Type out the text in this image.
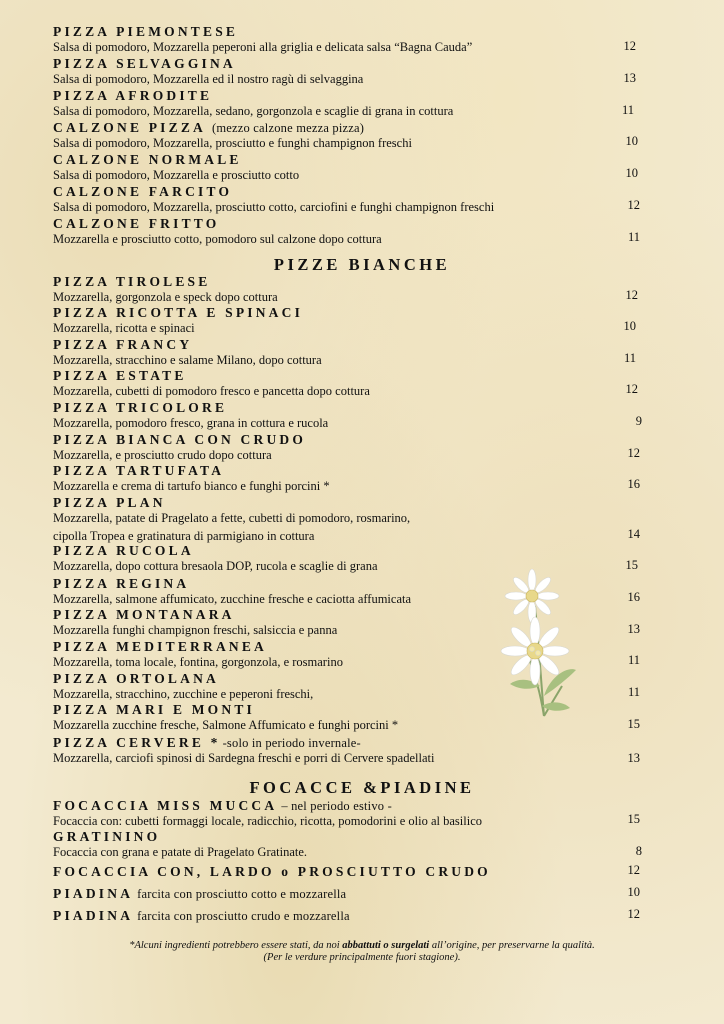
PIZZA PIEMONTESE
Salsa di pomodoro, Mozzarella peperoni alla griglia e delicata salsa “Bagna Cauda”	12
PIZZA SELVAGGINA
Salsa di pomodoro, Mozzarella ed il nostro ragù di selvaggina	13
PIZZA AFRODITE
Salsa di pomodoro, Mozzarella, sedano, gorgonzola e scaglie di grana in cottura	11
CALZONE PIZZA (mezzo calzone mezza pizza)
Salsa di pomodoro, Mozzarella, prosciutto e funghi champignon freschi	10
CALZONE NORMALE
Salsa di pomodoro, Mozzarella e prosciutto cotto	10
CALZONE FARCITO
Salsa di pomodoro, Mozzarella, prosciutto cotto, carciofini e funghi champignon freschi	12
CALZONE FRITTO
Mozzarella e prosciutto cotto, pomodoro sul calzone dopo cottura	11
PIZZE BIANCHE
PIZZA TIROLESE
Mozzarella, gorgonzola e speck dopo cottura	12
PIZZA RICOTTA E SPINACI
Mozzarella, ricotta e spinaci	10
PIZZA FRANCY
Mozzarella, stracchino e salame Milano, dopo cottura	11
PIZZA ESTATE
Mozzarella, cubetti di pomodoro fresco e pancetta dopo cottura	12
PIZZA TRICOLORE
Mozzarella, pomodoro fresco, grana in cottura e rucola	9
PIZZA BIANCA CON CRUDO
Mozzarella, e prosciutto crudo dopo cottura	12
PIZZA TARTUFATA
Mozzarella e crema di tartufo bianco e funghi porcini *	16
PIZZA PLAN
Mozzarella, patate di Pragelato a fette, cubetti di pomodoro, rosmarino,
cipolla Tropea e gratinatura di parmigiano in cottura	14
PIZZA RUCOLA
Mozzarella, dopo cottura bresaola DOP, rucola e scaglie di grana	15
PIZZA REGINA
Mozzarella, salmone affumicato, zucchine fresche e caciotta affumicata	16
PIZZA MONTANARA
Mozzarella funghi champignon freschi, salsiccia e panna	13
PIZZA MEDITERRANEA
Mozzarella, toma locale, fontina, gorgonzola, e rosmarino	11
PIZZA ORTOLANA
Mozzarella, stracchino, zucchine e peperoni freschi,	11
PIZZA MARI E MONTI
Mozzarella zucchine fresche, Salmone Affumicato e funghi porcini *	15
PIZZA CERVERE * -solo in periodo invernale-
Mozzarella, carciofi spinosi di Sardegna freschi e porri di Cervere spadellati	13
FOCACCE &PIADINE
FOCACCIA MISS MUCCA – nel periodo estivo -
Focaccia con: cubetti formaggi locale, radicchio, ricotta, pomodorini e olio al basilico	15
GRATININO
Focaccia con grana e patate di Pragelato Gratinate.	8
FOCACCIA CON, LARDO o PROSCIUTTO CRUDO	12
PIADINA farcita con prosciutto cotto e mozzarella	10
PIADINA farcita con prosciutto crudo e mozzarella	12
*Alcuni ingredienti potrebbero essere stati, da noi abbattuti o surgelati all’origine, per preservarne la qualità.
(Per le verdure principalmente fuori stagione).
